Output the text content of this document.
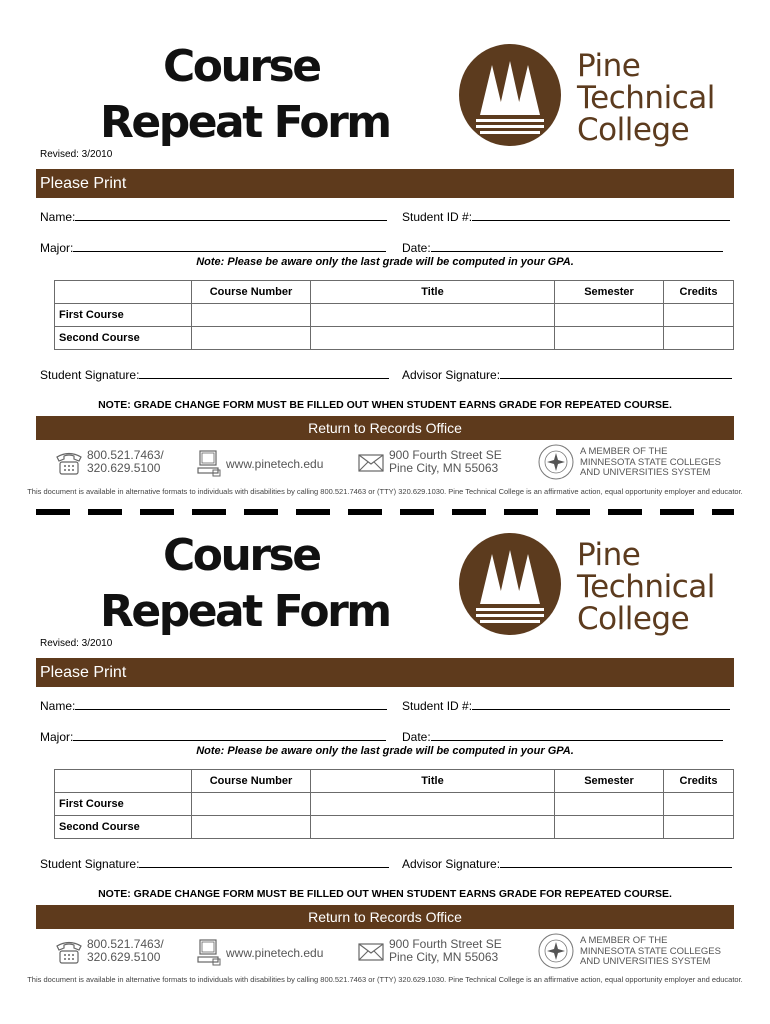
Course
Repeat Form
Revised: 3/2010
Pine
Technical
College
Please Print
Name:	Student ID #:
Major:	Date:
Note: Please be aware only the last grade will be computed in your GPA.
	Course Number	Title	Semester	Credits
First Course				
Second Course				
Student Signature:	Advisor Signature:
NOTE: GRADE CHANGE FORM MUST BE FILLED OUT WHEN STUDENT EARNS GRADE FOR REPEATED COURSE.
Return to Records Office
800.521.7463/
320.629.5100	www.pinetech.edu
900 Fourth Street SE
Pine City, MN 55063
A MEMBER OF THE
MINNESOTA STATE COLLEGES
AND UNIVERSITIES SYSTEM
This document is available in alternative formats to individuals with disabilities by calling 800.521.7463 or (TTY) 320.629.1030. Pine Technical College is an affirmative action, equal opportunity employer and educator.
Course
Repeat Form
Revised: 3/2010
Pine
Technical
College
Please Print
Name:	Student ID #:
Major:	Date:
Note: Please be aware only the last grade will be computed in your GPA.
	Course Number	Title	Semester	Credits
First Course				
Second Course				
Student Signature:	Advisor Signature:
NOTE: GRADE CHANGE FORM MUST BE FILLED OUT WHEN STUDENT EARNS GRADE FOR REPEATED COURSE.
Return to Records Office
800.521.7463/
320.629.5100	www.pinetech.edu
900 Fourth Street SE
Pine City, MN 55063
A MEMBER OF THE
MINNESOTA STATE COLLEGES
AND UNIVERSITIES SYSTEM
This document is available in alternative formats to individuals with disabilities by calling 800.521.7463 or (TTY) 320.629.1030. Pine Technical College is an affirmative action, equal opportunity employer and educator.
